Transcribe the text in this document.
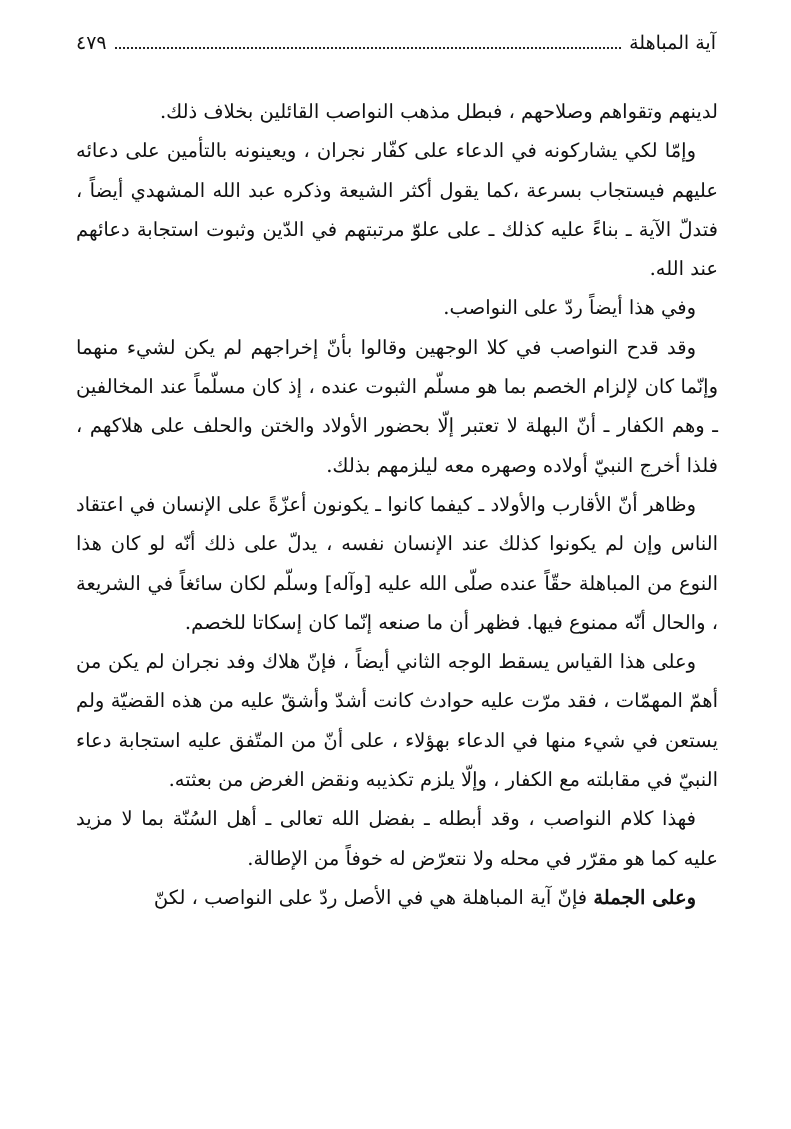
آية المباهلة
٤٧٩

لدينهم وتقواهم وصلاحهم ، فبطل مذهب النواصب القائلين بخلاف ذلك.

وإمّا لكي يشاركونه في الدعاء على كفّار نجران ، ويعينونه بالتأمين على دعائه عليهم فيستجاب بسرعة ،كما يقول أكثر الشيعة وذكره عبد الله المشهدي أيضاً ، فتدلّ الآية ـ بناءً عليه كذلك ـ على علوّ مرتبتهم في الدّين وثبوت استجابة دعائهم عند الله.

وفي هذا أيضاً ردّ على النواصب.

وقد قدح النواصب في كلا الوجهين وقالوا بأنّ إخراجهم لم يكن لشيء منهما وإنّما كان لإلزام الخصم بما هو مسلّم الثبوت عنده ، إذ كان مسلّماً عند المخالفين ـ وهم الكفار ـ أنّ البهلة لا تعتبر إلّا بحضور الأولاد والختن والحلف على هلاكهم ، فلذا أخرج النبيّ أولاده وصهره معه ليلزمهم بذلك.

وظاهر أنّ الأقارب والأولاد ـ كيفما كانوا ـ يكونون أعزّةً على الإنسان في اعتقاد الناس وإن لم يكونوا كذلك عند الإنسان نفسه ، يدلّ على ذلك أنّه لو كان هذا النوع من المباهلة حقّاً عنده صلّى الله عليه [وآله] وسلّم لكان سائغاً في الشريعة ، والحال أنّه ممنوع فيها. فظهر أن ما صنعه إنّما كان إسكاتا للخصم.

وعلى هذا القياس يسقط الوجه الثاني أيضاً ، فإنّ هلاك وفد نجران لم يكن من أهمّ المهمّات ، فقد مرّت عليه حوادث كانت أشدّ وأشقّ عليه من هذه القضيّة ولم يستعن في شيء منها في الدعاء بهؤلاء ، على أنّ من المتّفق عليه استجابة دعاء النبيّ في مقابلته مع الكفار ، وإلّا يلزم تكذيبه ونقض الغرض من بعثته.

فهذا كلام النواصب ، وقد أبطله ـ بفضل الله تعالى ـ أهل السُنّة بما لا مزيد عليه كما هو مقرّر في محله ولا نتعرّض له خوفاً من الإطالة.

وعلى الجملة فإنّ آية المباهلة هي في الأصل ردّ على النواصب ، لكنّ
